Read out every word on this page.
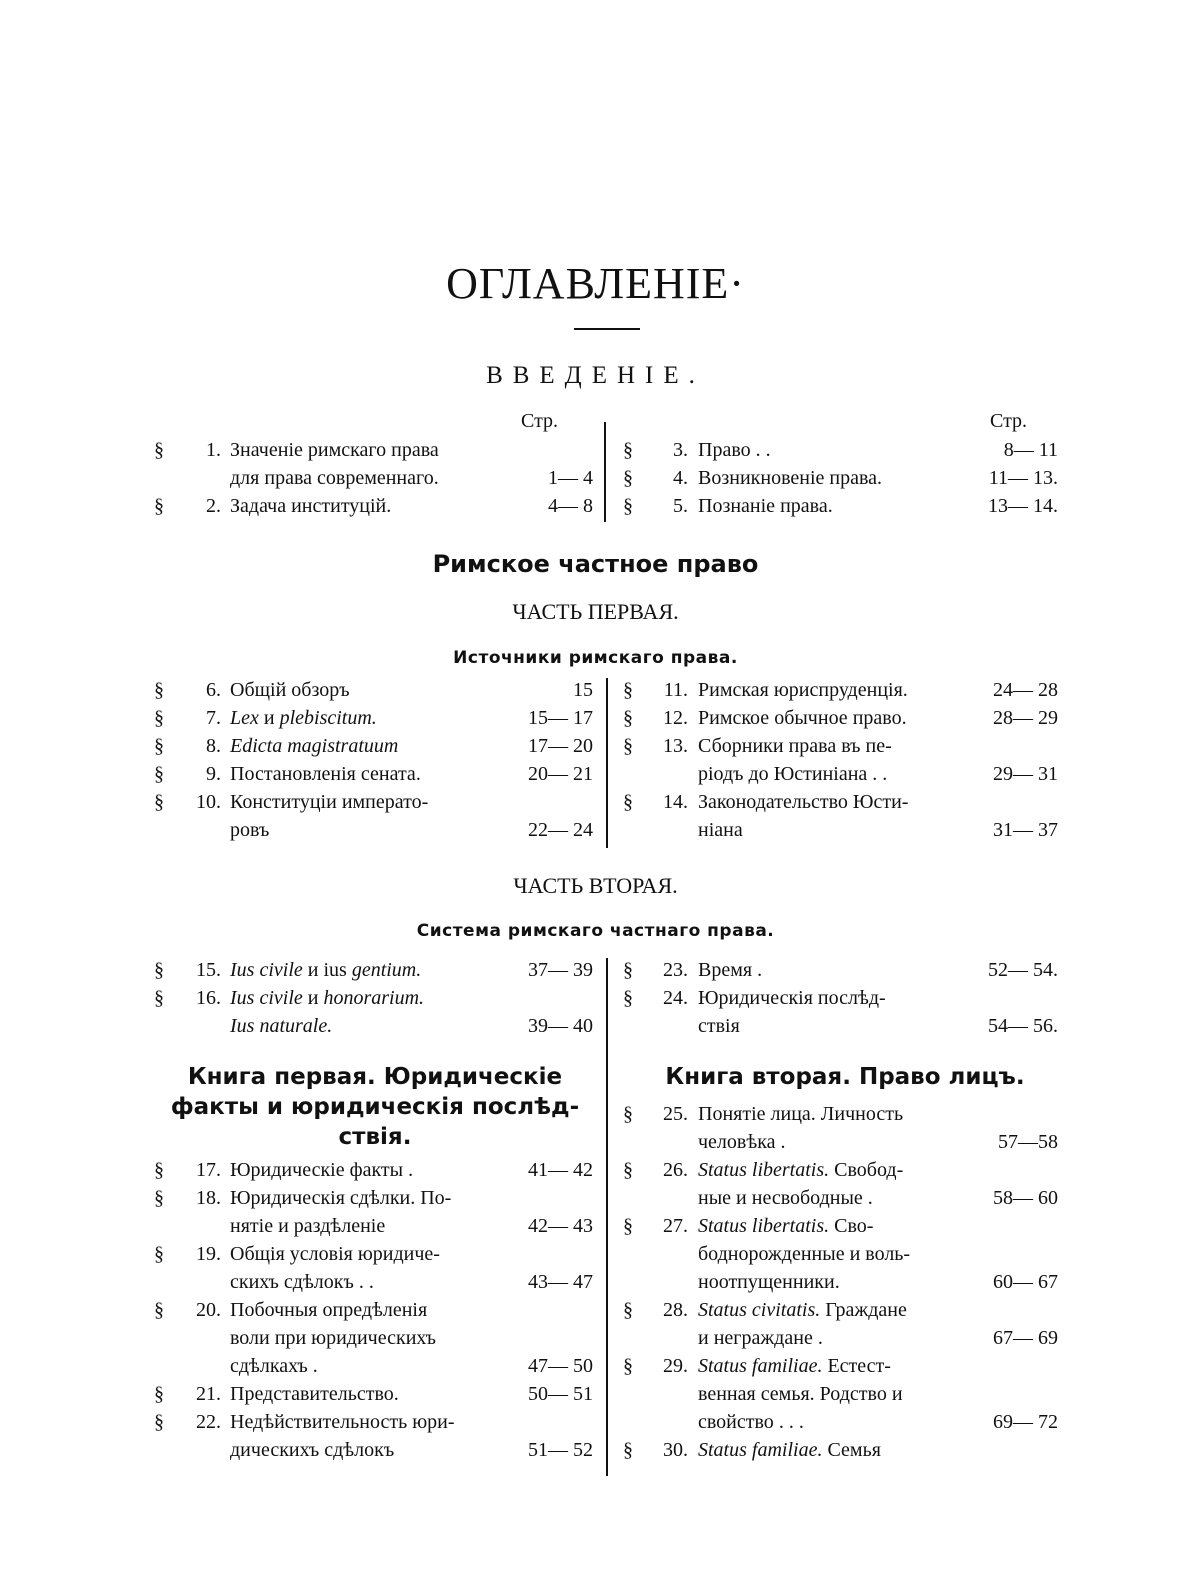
ОГЛАВЛЕНІЕ·
ВВЕДЕНІЕ.
Стр.	Стр.
Римское частное право
ЧАСТЬ ПЕРВАЯ.
Источники римскаго права.
ЧАСТЬ ВТОРАЯ.
Система римскаго частнаго права.
§	1. Значеніе римскаго права
для права современнаго.	1— 4
§	2. Задача институцій.	4— 8
§	3. Право . .	8— 11
§	4. Возникновеніе права.	11— 13.
§	5. Познаніе права.	13— 14.
§	6. Общій обзоръ	15
§	7. Lex и plebiscitum.	15— 17
§	8. Edicta magistratuum	17— 20
§	9. Постановленія сената.	20— 21
§	10. Конституціи императо-
ровъ	22— 24
§	11. Римская юриспруденція.	24— 28
§	12. Римское обычное право.	28— 29
§	13. Сборники права въ пе-
ріодъ до Юстиніана . .	29— 31
§	14. Законодательство Юсти-
ніана	31— 37
§	15. Ius civile и ius gentium.	37— 39
§	16. Ius civile и honorarium.
Ius naturale.	39— 40
§	23. Время .	52— 54.
§	24. Юридическія послѣд-
ствія	54— 56.
Книга первая. Юридическіе
факты и юридическія послѣд-
ствія.
Книга вторая. Право лицъ.
§	17. Юридическіе факты .	41— 42
§	18. Юридическія сдѣлки. По-
нятіе и раздѣленіе	42— 43
§	19. Общія условія юридиче-
скихъ сдѣлокъ . .	43— 47
§	20. Побочныя опредѣленія
воли при юридическихъ
сдѣлкахъ .	47— 50
§	21. Представительство.	50— 51
§	22. Недѣйствительность юри-
дическихъ сдѣлокъ	51— 52
§	25. Понятіе лица. Личность
человѣка .	57—58
§	26. Status libertatis. Свобод-
ные и несвободные .	58— 60
§	27. Status libertatis. Сво-
боднорожденные и воль-
ноотпущенники.	60— 67
§	28. Status civitatis. Граждане
и неграждане .	67— 69
§	29. Status familiae. Естест-
венная семья. Родство и
свойство . . .	69— 72
§	30. Status familiae. Семья
